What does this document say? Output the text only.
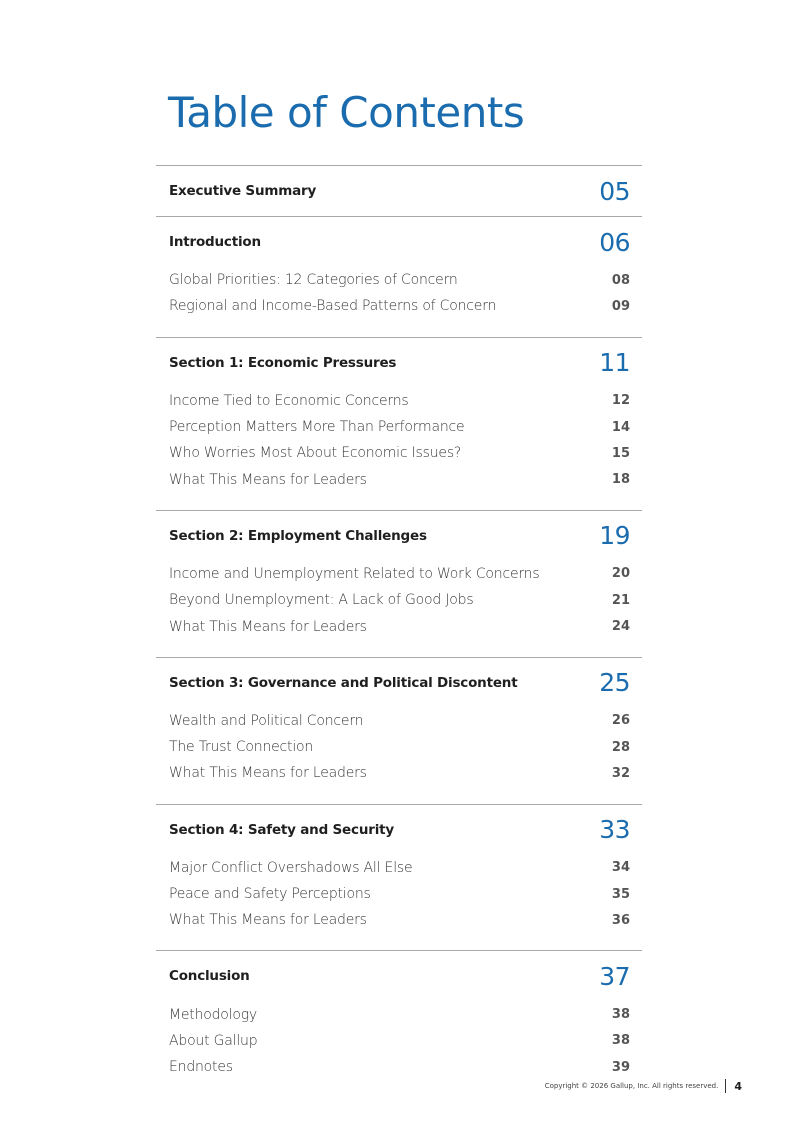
Table of Contents
Executive Summary	05
Introduction	06
Global Priorities: 12 Categories of Concern	08
Regional and Income-Based Patterns of Concern	09
Section 1: Economic Pressures	11
Income Tied to Economic Concerns	12
Perception Matters More Than Performance	14
Who Worries Most About Economic Issues?	15
What This Means for Leaders	18
Section 2: Employment Challenges	19
Income and Unemployment Related to Work Concerns	20
Beyond Unemployment: A Lack of Good Jobs	21
What This Means for Leaders	24
Section 3: Governance and Political Discontent	25
Wealth and Political Concern	26
The Trust Connection	28
What This Means for Leaders	32
Section 4: Safety and Security	33
Major Conflict Overshadows All Else	34
Peace and Safety Perceptions	35
What This Means for Leaders	36
Conclusion	37
Methodology	38
About Gallup	38
Endnotes	39
Copyright © 2026 Gallup, Inc. All rights reserved. 4
